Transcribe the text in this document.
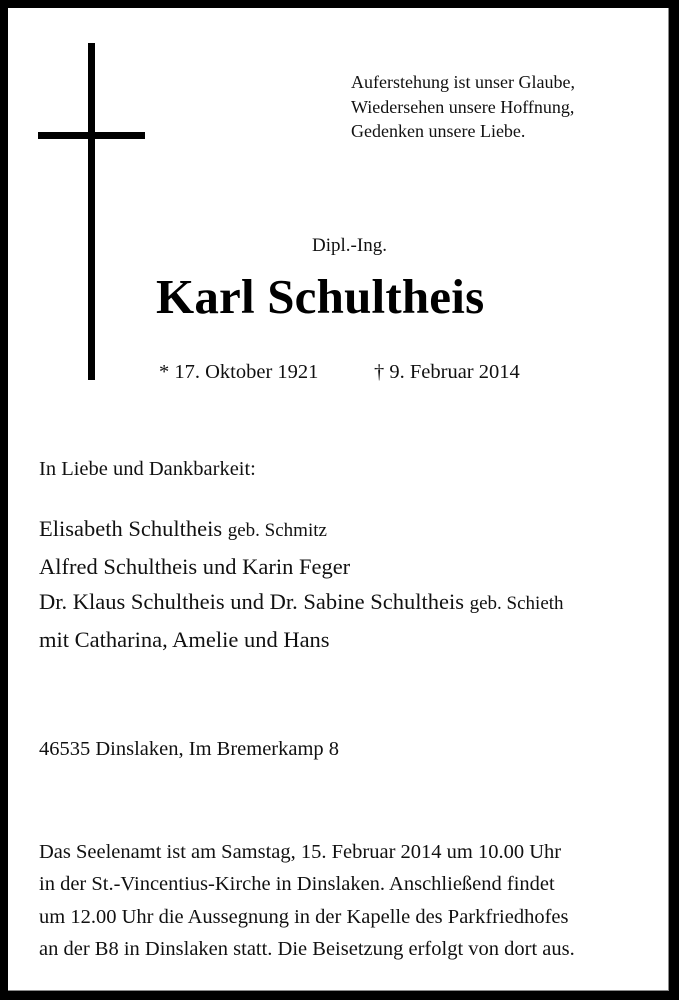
Auferstehung ist unser Glaube,
Wiedersehen unsere Hoffnung,
Gedenken unsere Liebe.
Dipl.-Ing.
Karl Schultheis
* 17. Oktober 1921	† 9. Februar 2014
In Liebe und Dankbarkeit:
Elisabeth Schultheis geb. Schmitz
Alfred Schultheis und Karin Feger
Dr. Klaus Schultheis und Dr. Sabine Schultheis geb. Schieth
mit Catharina, Amelie und Hans
46535 Dinslaken, Im Bremerkamp 8
Das Seelenamt ist am Samstag, 15. Februar 2014 um 10.00 Uhr
in der St.-Vincentius-Kirche in Dinslaken. Anschließend findet
um 12.00 Uhr die Aussegnung in der Kapelle des Parkfriedhofes
an der B8 in Dinslaken statt. Die Beisetzung erfolgt von dort aus.
